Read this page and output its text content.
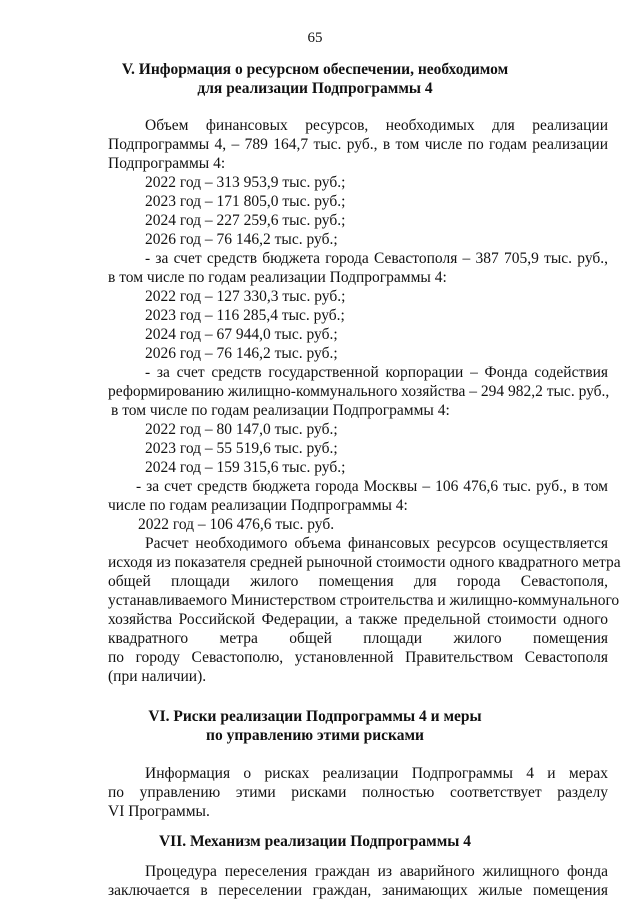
65
V. Информация о ресурсном обеспечении, необходимом
для реализации Подпрограммы 4
Объем финансовых ресурсов, необходимых для реализации
Подпрограммы 4, – 789 164,7 тыс. руб., в том числе по годам реализации
Подпрограммы 4:
2022 год – 313 953,9 тыс. руб.;
2023 год – 171 805,0 тыс. руб.;
2024 год – 227 259,6 тыс. руб.;
2026 год – 76 146,2 тыс. руб.;
- за счет средств бюджета города Севастополя – 387 705,9 тыс. руб.,
в том числе по годам реализации Подпрограммы 4:
2022 год – 127 330,3 тыс. руб.;
2023 год – 116 285,4 тыс. руб.;
2024 год – 67 944,0 тыс. руб.;
2026 год – 76 146,2 тыс. руб.;
- за счет средств государственной корпорации – Фонда содействия
реформированию жилищно-коммунального хозяйства – 294 982,2 тыс. руб.,
в том числе по годам реализации Подпрограммы 4:
2022 год – 80 147,0 тыс. руб.;
2023 год – 55 519,6 тыс. руб.;
2024 год – 159 315,6 тыс. руб.;
- за счет средств бюджета города Москвы – 106 476,6 тыс. руб., в том
числе по годам реализации Подпрограммы 4:
2022 год – 106 476,6 тыс. руб.
Расчет необходимого объема финансовых ресурсов осуществляется
исходя из показателя средней рыночной стоимости одного квадратного метра
общей площади жилого помещения для города Севастополя,
устанавливаемого Министерством строительства и жилищно-коммунального
хозяйства Российской Федерации, а также предельной стоимости одного
квадратного метра общей площади жилого помещения
по городу Севастополю, установленной Правительством Севастополя
(при наличии).
VI. Риски реализации Подпрограммы 4 и меры
по управлению этими рисками
Информация о рисках реализации Подпрограммы 4 и мерах
по управлению этими рисками полностью соответствует разделу
VI Программы.
VII. Механизм реализации Подпрограммы 4
Процедура переселения граждан из аварийного жилищного фонда
заключается в переселении граждан, занимающих жилые помещения
